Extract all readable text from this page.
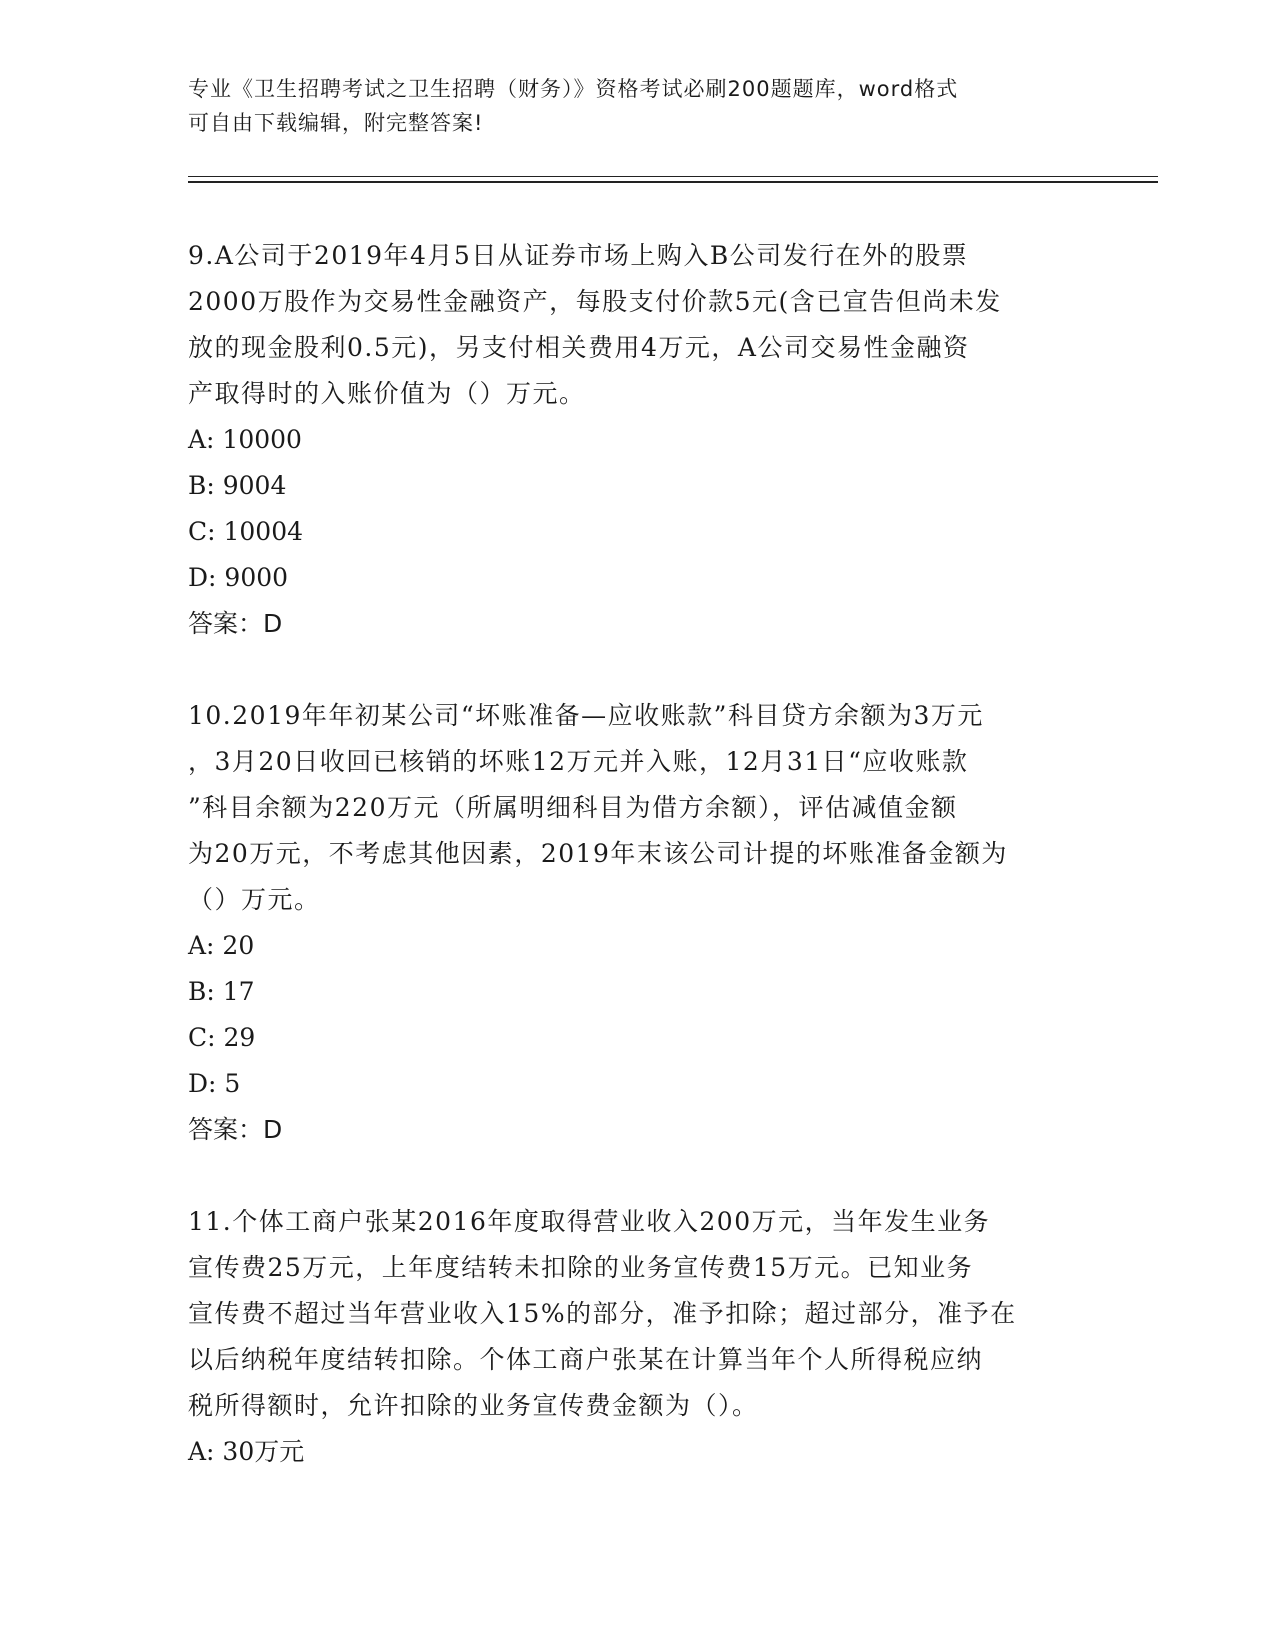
专业《卫生招聘考试之卫生招聘（财务）》资格考试必刷200题题库，word格式
可自由下载编辑，附完整答案!
9.A公司于2019年4月5日从证券市场上购入B公司发行在外的股票
2000万股作为交易性金融资产，每股支付价款5元(含已宣告但尚未发
放的现金股利0.5元)，另支付相关费用4万元，A公司交易性金融资
产取得时的入账价值为（）万元。
A: 10000
B: 9004
C: 10004
D: 9000
答案：D
10.2019年年初某公司“坏账准备—应收账款”科目贷方余额为3万元
，3月20日收回已核销的坏账12万元并入账，12月31日“应收账款
”科目余额为220万元（所属明细科目为借方余额），评估减值金额
为20万元，不考虑其他因素，2019年末该公司计提的坏账准备金额为
（）万元。
A: 20
B: 17
C: 29
D: 5
答案：D
11.个体工商户张某2016年度取得营业收入200万元，当年发生业务
宣传费25万元，上年度结转未扣除的业务宣传费15万元。已知业务
宣传费不超过当年营业收入15%的部分，准予扣除；超过部分，准予在
以后纳税年度结转扣除。个体工商户张某在计算当年个人所得税应纳
税所得额时，允许扣除的业务宣传费金额为（）。
A: 30万元
